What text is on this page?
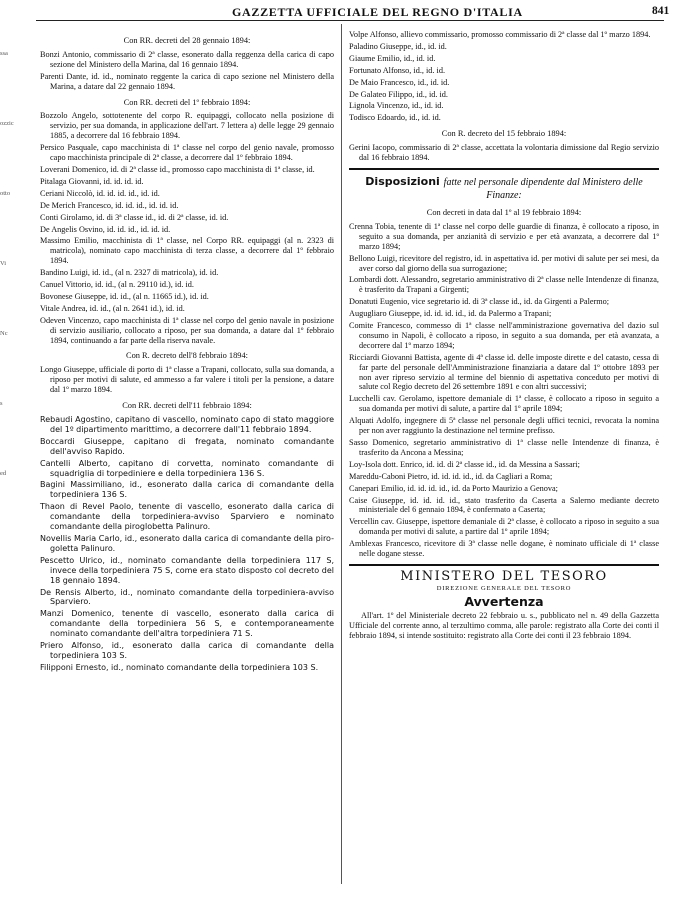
GAZZETTA UFFICIALE DEL REGNO D'ITALIA	841
ssa
ozzic
otto
Vi
Nc
s
ed
Con RR. decreti del 28 gennaio 1894:
Bonzi Antonio, commissario di 2ª classe, esonerato dalla reggenza della carica di capo sezione del Ministero della Marina, dal 16 gennaio 1894.
Parenti Dante, id. id., nominato reggente la carica di capo sezione nel Ministero della Marina, a datare dal 22 gennaio 1894.
Con RR. decreti del 1º febbraio 1894:
Bozzolo Angelo, sottotenente del corpo R. equipaggi, collocato nella posizione di servizio, per sua domanda, in applicazione dell'art. 7 lettera a) delle legge 29 gennaio 1885, a decorrere dal 16 febbraio 1894.
Persico Pasquale, capo macchinista di 1ª classe nel corpo del genio navale, promosso capo macchinista principale di 2ª classe, a decorrere dal 1º febbraio 1894.
Loverani Domenico, id. di 2ª classe id., promosso capo macchinista di 1ª classe, id.
Pitalaga Giovanni, id. id. id. id.
Ceriani Niccolò, id. id. id. id., id. id.
De Merich Francesco, id. id. id., id. id. id.
Conti Girolamo, id. di 3ª classe id., id. di 2ª classe, id. id.
De Angelis Osvino, id. id. id., id. id. id.
Massimo Emilio, macchinista di 1ª classe, nel Corpo RR. equipaggi (al n. 2323 di matricola), nominato capo macchinista di terza classe, a decorrere dal 1º febbraio 1894.
Bandino Luigi, id. id., (al n. 2327 di matricola), id. id.
Canuel Vittorio, id. id., (al n. 29110 id.), id. id.
Bovonese Giuseppe, id. id., (al n. 11665 id.), id. id.
Vitale Andrea, id. id., (al n. 2641 id.), id. id.
Odeven Vincenzo, capo macchinista di 1ª classe nel corpo del genio navale in posizione di servizio ausiliario, collocato a riposo, per sua domanda, a datare dal 1º febbraio 1894, continuando a far parte della riserva navale.
Con R. decreto dell'8 febbraio 1894:
Longo Giuseppe, ufficiale di porto di 1ª classe a Trapani, collocato, sulla sua domanda, a riposo per motivi di salute, ed ammesso a far valere i titoli per la pensione, a datare dal 1º marzo 1894.
Con RR. decreti dell'11 febbraio 1894:
Rebaudi Agostino, capitano di vascello, nominato capo di stato maggiore del 1º dipartimento marittimo, a decorrere dall'11 febbraio 1894.
Boccardi Giuseppe, capitano di fregata, nominato comandante dell'avviso Rapido.
Cantelli Alberto, capitano di corvetta, nominato comandante di squadriglia di torpediniere e della torpediniera 136 S.
Bagini Massimiliano, id., esonerato dalla carica di comandante della torpediniera 136 S.
Thaon di Revel Paolo, tenente di vascello, esonerato dalla carica di comandante della torpediniera-avviso Sparviero e nominato comandante della piroglobetta Palinuro.
Novellis Maria Carlo, id., esonerato dalla carica di comandante della piro-goletta Palinuro.
Pescetto Ulrico, id., nominato comandante della torpediniera 117 S, invece della torpediniera 75 S, come era stato disposto col decreto del 18 gennaio 1894.
De Rensis Alberto, id., nominato comandante della torpediniera-avviso Sparviero.
Manzi Domenico, tenente di vascello, esonerato dalla carica di comandante della torpediniera 56 S, e contemporaneamente nominato comandante dell'altra torpediniera 71 S.
Priero Alfonso, id., esonerato dalla carica di comandante della torpediniera 103 S.
Filipponi Ernesto, id., nominato comandante della torpediniera 103 S.
Volpe Alfonso, allievo commissario, promosso commissario di 2ª classe dal 1º marzo 1894.
Paladino Giuseppe, id., id. id.
Giaume Emilio, id., id. id.
Fortunato Alfonso, id., id. id.
De Maio Francesco, id., id. id.
De Galateo Filippo, id., id. id.
Lignola Vincenzo, id., id. id.
Todisco Edoardo, id., id. id.
Con R. decreto del 15 febbraio 1894:
Gerini Iacopo, commissario di 2ª classe, accettata la volontaria dimissione dal Regio servizio dal 16 febbraio 1894.
Disposizioni fatte nel personale dipendente dal Ministero delle Finanze:
Con decreti in data dal 1º al 19 febbraio 1894:
Crenna Tobia, tenente di 1ª classe nel corpo delle guardie di finanza, è collocato a riposo, in seguito a sua domanda, per anzianità di servizio e per età avanzata, a decorrere dal 1º marzo 1894;
Bellono Luigi, ricevitore del registro, id. in aspettativa id. per motivi di salute per sei mesi, da aver corso dal giorno della sua surrogazione;
Lombardi dott. Alessandro, segretario amministrativo di 2ª classe nelle Intendenze di finanza, è trasferito da Trapani a Girgenti;
Donatuti Eugenio, vice segretario id. di 3ª classe id., id. da Girgenti a Palermo;
Augugliaro Giuseppe, id. id. id. id., id. da Palermo a Trapani;
Comite Francesco, commesso di 1ª classe nell'amministrazione governativa del dazio sul consumo in Napoli, è collocato a riposo, in seguito a sua domanda, per età avanzata, a decorrere dal 1º marzo 1894;
Ricciardi Giovanni Battista, agente di 4ª classe id. delle imposte dirette e del catasto, cessa di far parte del personale dell'Amministrazione finanziaria a datare dal 1º ottobre 1893 per non aver ripreso servizio al termine del biennio di aspettativa conceduto per motivi di salute col Regio decreto del 26 settembre 1891 e con altri successivi;
Lucchelli cav. Gerolamo, ispettore demaniale di 1ª classe, è collocato a riposo in seguito a sua domanda per motivi di salute, a partire dal 1º aprile 1894;
Alquati Adolfo, ingegnere di 5ª classe nel personale degli uffici tecnici, revocata la nomina per non aver raggiunto la destinazione nel termine prefisso.
Sasso Domenico, segretario amministrativo di 1ª classe nelle Intendenze di finanza, è trasferito da Ancona a Messina;
Loy-Isola dott. Enrico, id. id. di 2ª classe id., id. da Messina a Sassari;
Mareddu-Caboni Pietro, id. id. id. id., id. da Cagliari a Roma;
Canepari Emilio, id. id. id. id., id. da Porto Maurizio a Genova;
Caise Giuseppe, id. id. id. id., stato trasferito da Caserta a Salerno mediante decreto ministeriale del 6 gennaio 1894, è confermato a Caserta;
Vercellin cav. Giuseppe, ispettore demaniale di 2ª classe, è collocato a riposo in seguito a sua domanda per motivi di salute, a partire dal 1º aprile 1894;
Amblexas Francesco, ricevitore di 3ª classe nelle dogane, è nominato ufficiale di 1ª classe nelle dogane stesse.
MINISTERO DEL TESORO
DIREZIONE GENERALE DEL TESORO
Avvertenza
All'art. 1º del Ministeriale decreto 22 febbraio u. s., pubblicato nel n. 49 della Gazzetta Ufficiale del corrente anno, al terzultimo comma, alle parole: registrato alla Corte dei conti il febbraio 1894, si intende sostituito: registrato alla Corte dei conti il 23 febbraio 1894.
